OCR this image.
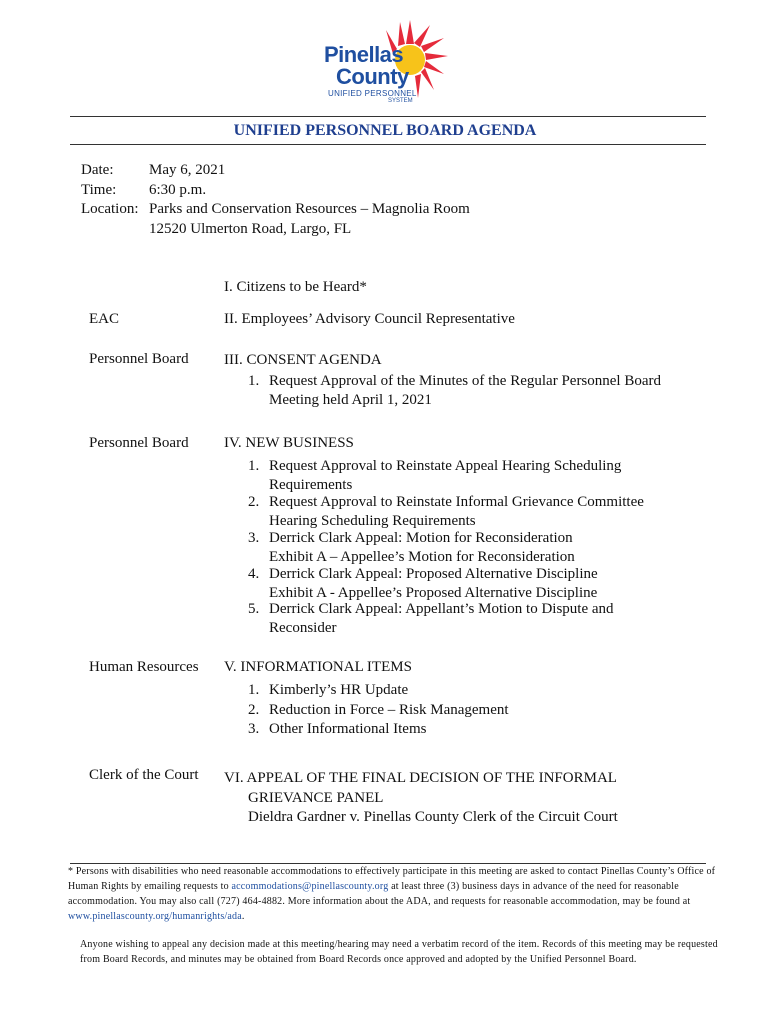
Pinellas
County
UNIFIED PERSONNEL
SYSTEM
UNIFIED PERSONNEL BOARD AGENDA
Date: May 6, 2021
Time: 6:30 p.m.
Location: Parks and Conservation Resources – Magnolia Room
12520 Ulmerton Road, Largo, FL
I. Citizens to be Heard*
EAC	II. Employees’ Advisory Council Representative
Personnel Board III. CONSENT AGENDA
1. Request Approval of the Minutes of the Regular Personnel Board
Meeting held April 1, 2021
Personnel Board IV. NEW BUSINESS
1. Request Approval to Reinstate Appeal Hearing Scheduling
Requirements
2. Request Approval to Reinstate Informal Grievance Committee
Hearing Scheduling Requirements
3. Derrick Clark Appeal: Motion for Reconsideration
Exhibit A – Appellee’s Motion for Reconsideration
4. Derrick Clark Appeal: Proposed Alternative Discipline
Exhibit A - Appellee’s Proposed Alternative Discipline
5. Derrick Clark Appeal: Appellant’s Motion to Dispute and
Reconsider
Human Resources V. INFORMATIONAL ITEMS
1. Kimberly’s HR Update
2. Reduction in Force – Risk Management
3. Other Informational Items
Clerk of the Court VI. APPEAL OF THE FINAL DECISION OF THE INFORMAL
GRIEVANCE PANEL
Dieldra Gardner v. Pinellas County Clerk of the Circuit Court
* Persons with disabilities who need reasonable accommodations to effectively participate in this meeting are asked to contact Pinellas County’s Office of Human Rights by emailing requests to accommodations@pinellascounty.org at least three (3) business days in advance of the need for reasonable accommodation. You may also call (727) 464-4882. More information about the ADA, and requests for reasonable accommodation, may be found at www.pinellascounty.org/humanrights/ada.
Anyone wishing to appeal any decision made at this meeting/hearing may need a verbatim record of the item. Records of this meeting may be requested from Board Records, and minutes may be obtained from Board Records once approved and adopted by the Unified Personnel Board.
